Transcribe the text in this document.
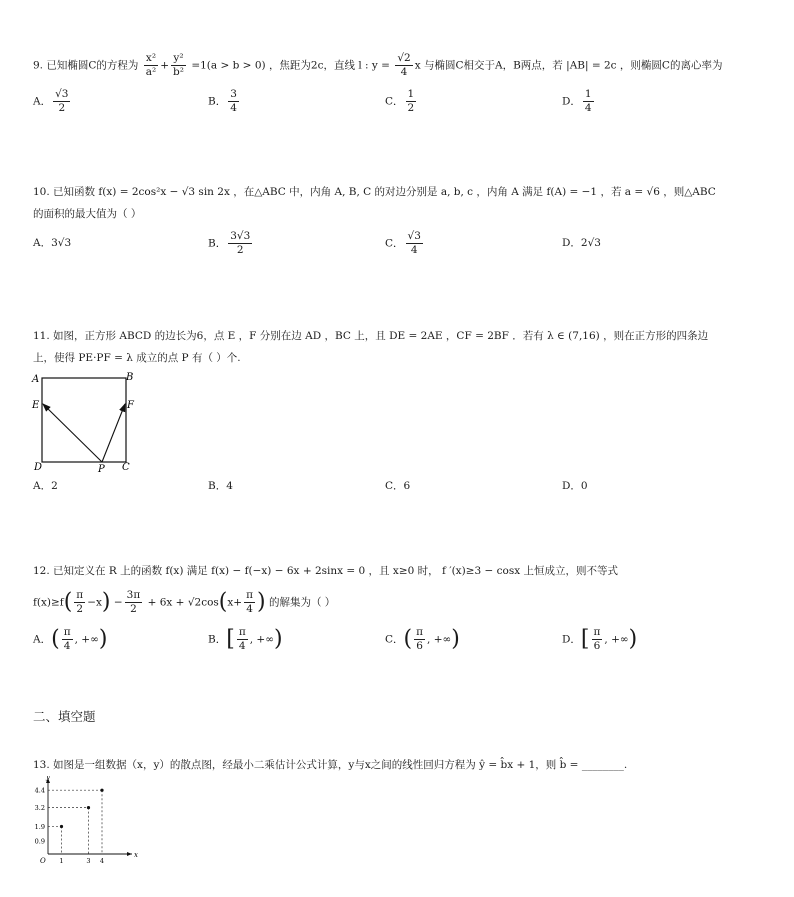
9. 已知椭圆C的方程为 $\frac{\text{x²}}{\text{a²}} + \frac{\text{y²}}{\text{b²}} =1(a > b > 0)$ ，焦距为2c，直线 l : $y = \frac{√2}{4}$ x 与椭圆C相交于A，B两点，若 |AB| = 2c ，则椭圆C的离心率为
A． $\frac{√3}{2}$	B． $\frac{3}{4}$	C． $\frac{1}{2}$	D． $\frac{1}{4}$
10. 已知函数 f(x) = 2cos²x − √3 sin 2x ，在△ABC 中，内角 A, B, C 的对边分别是 a, b, c ，内角 A 满足 f(A) = −1 ，若 a = √6 ，则△ABC
的面积的最大值为（ ）
A．3√3	B． $\frac{3√3}{2}$	C． $\frac{√3}{4}$	D．2√3
11. 如图，正方形 ABCD 的边长为6，点 E ，F 分别在边 AD ，BC 上，且 DE = 2AE ，CF = 2BF ．若有 λ ∈ (7,16) ，则在正方形的四条边
上，使得 PE·PF = λ 成立的点 P 有（ ）个.
A	B
C
D
E	F
P
A．2	B．4	C．6	D．0
12. 已知定义在 R 上的函数 f(x) 满足 f(x) − f(−x) − 6x + 2sinx = 0 ，且 x≥0 时， f ′(x)≥3 − cosx 上恒成立，则不等式
$f(x)\ge f( \frac{\pi}{2} -x) - \frac{3\pi}{2} + 6x + √2\cos(x+ \frac{\pi}{4}$ ) 的解集为（ ）
A．( $\frac{\pi}{4}$ , +∞)	B．[ $\frac{\pi}{4}$ , +∞)	C．( $\frac{\pi}{6}$ , +∞)	D．[ $\frac{\pi}{6}$ , +∞)
二、填空题
13. 如图是一组数据（x，y）的散点图，经最小二乘估计公式计算，y与x之间的线性回归方程为 ŷ = b̂x + 1，则 b̂ = ________.
x
y
O
0.9
1.9
3.2
4.4
1	3 4
